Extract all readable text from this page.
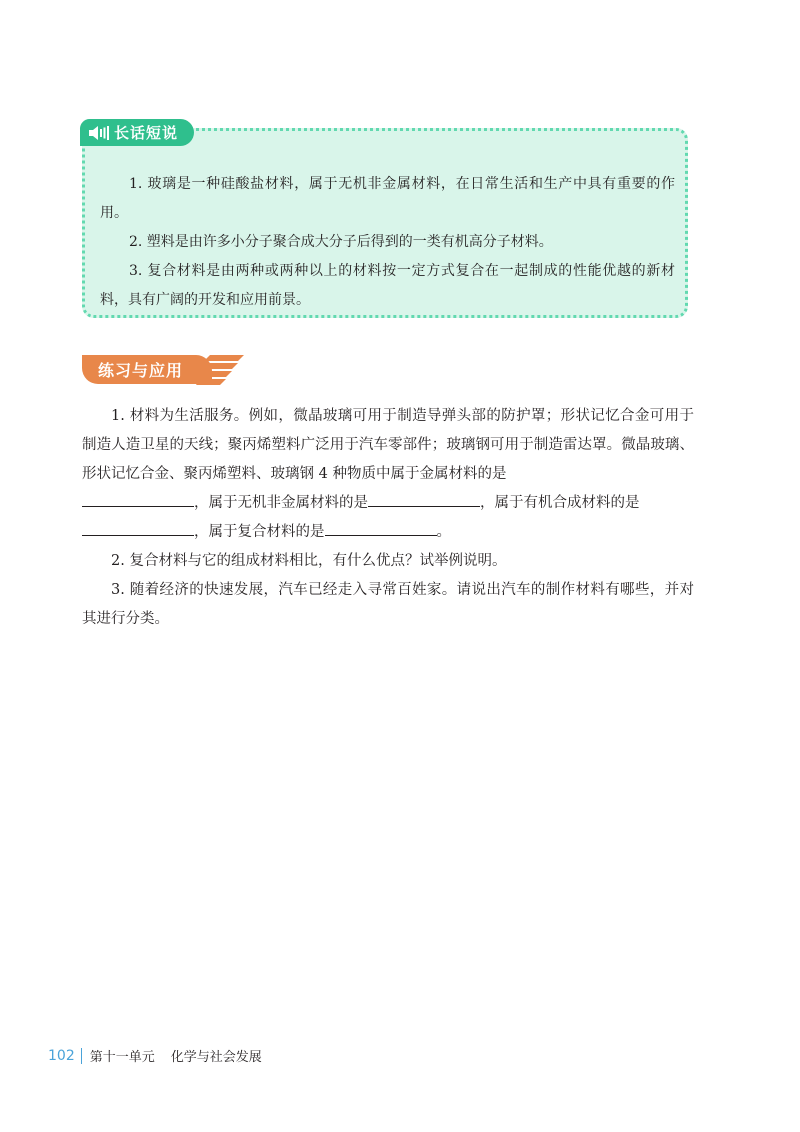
长话短说

1. 玻璃是一种硅酸盐材料，属于无机非金属材料，在日常生活和生产中具有重要的作用。

2. 塑料是由许多小分子聚合成大分子后得到的一类有机高分子材料。

3. 复合材料是由两种或两种以上的材料按一定方式复合在一起制成的性能优越的新材料，具有广阔的开发和应用前景。

练习与应用

1. 材料为生活服务。例如，微晶玻璃可用于制造导弹头部的防护罩；形状记忆合金可用于制造人造卫星的天线；聚丙烯塑料广泛用于汽车零部件；玻璃钢可用于制造雷达罩。微晶玻璃、形状记忆合金、聚丙烯塑料、玻璃钢 4 种物质中属于金属材料的是
，属于无机非金属材料的是	，属于有机合成材料的是
，属于复合材料的是	。

2. 复合材料与它的组成材料相比，有什么优点？试举例说明。

3. 随着经济的快速发展，汽车已经走入寻常百姓家。请说出汽车的制作材料有哪些，并对其进行分类。

102 第十一单元 化学与社会发展
